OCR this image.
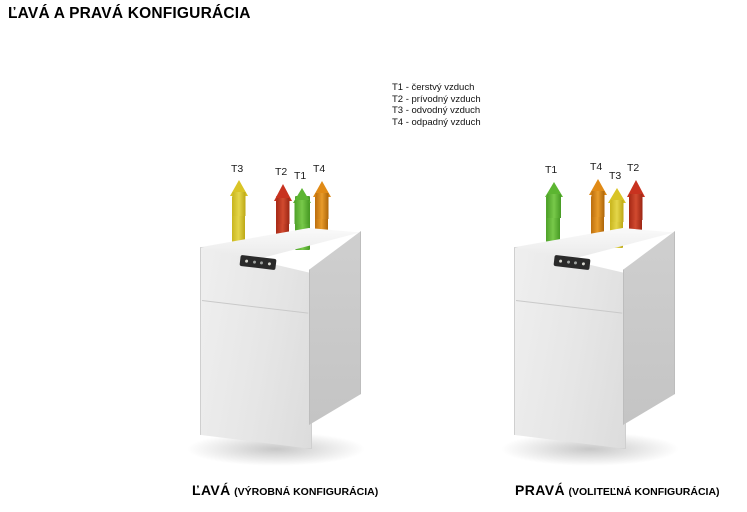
ĽAVÁ A PRAVÁ KONFIGURÁCIA
T1 - čerstvý vzduch
T2 - prívodný vzduch
T3 - odvodný vzduch
T4 - odpadný vzduch
T3	T2 T1
T4
ĽAVÁ (VÝROBNÁ KONFIGURÁCIA)
T1	T4
T3
T2
PRAVÁ (VOLITEĽNÁ KONFIGURÁCIA)
